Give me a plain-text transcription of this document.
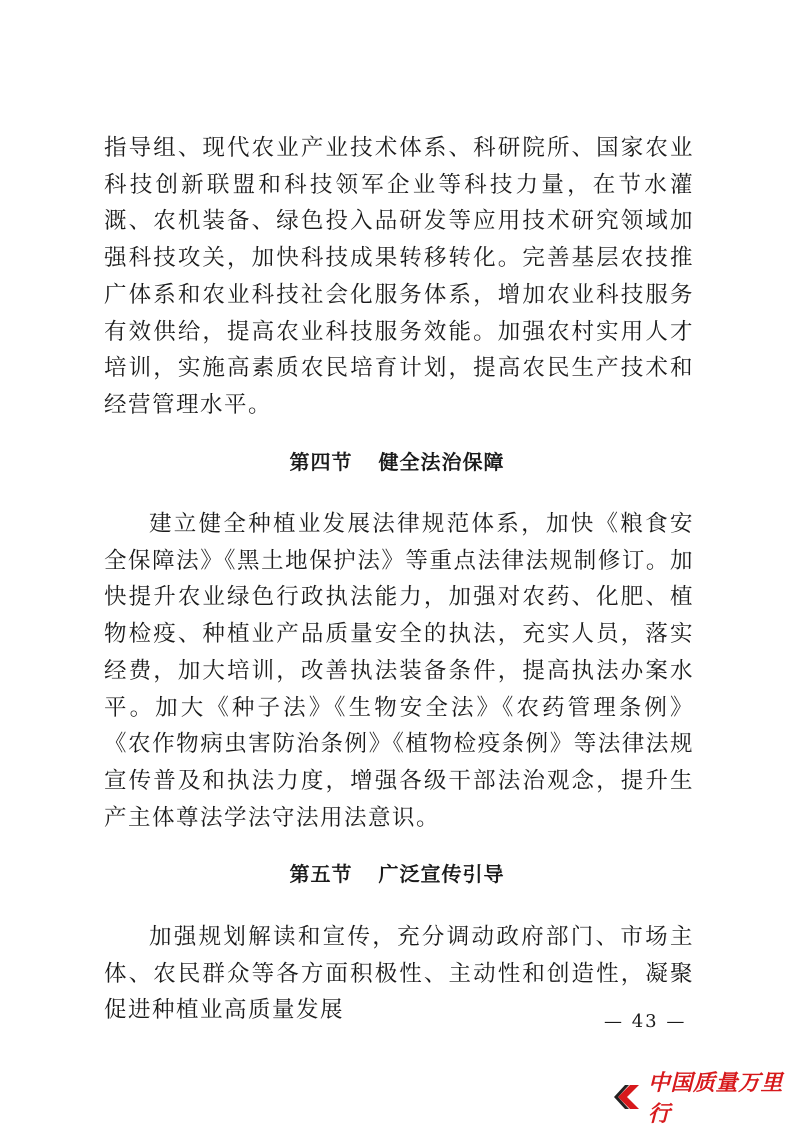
指导组、现代农业产业技术体系、科研院所、国家农业科技创新联盟和科技领军企业等科技力量，在节水灌溉、农机装备、绿色投入品研发等应用技术研究领域加强科技攻关，加快科技成果转移转化。完善基层农技推广体系和农业科技社会化服务体系，增加农业科技服务有效供给，提高农业科技服务效能。加强农村实用人才培训，实施高素质农民培育计划，提高农民生产技术和经营管理水平。

第四节 健全法治保障

建立健全种植业发展法律规范体系，加快《粮食安全保障法》《黑土地保护法》等重点法律法规制修订。加快提升农业绿色行政执法能力，加强对农药、化肥、植物检疫、种植业产品质量安全的执法，充实人员，落实经费，加大培训，改善执法装备条件，提高执法办案水平。加大《种子法》《生物安全法》《农药管理条例》《农作物病虫害防治条例》《植物检疫条例》等法律法规宣传普及和执法力度，增强各级干部法治观念，提升生产主体尊法学法守法用法意识。

第五节 广泛宣传引导

加强规划解读和宣传，充分调动政府部门、市场主体、农民群众等各方面积极性、主动性和创造性，凝聚促进种植业高质量发展	— 43 —
中国质量万里行
